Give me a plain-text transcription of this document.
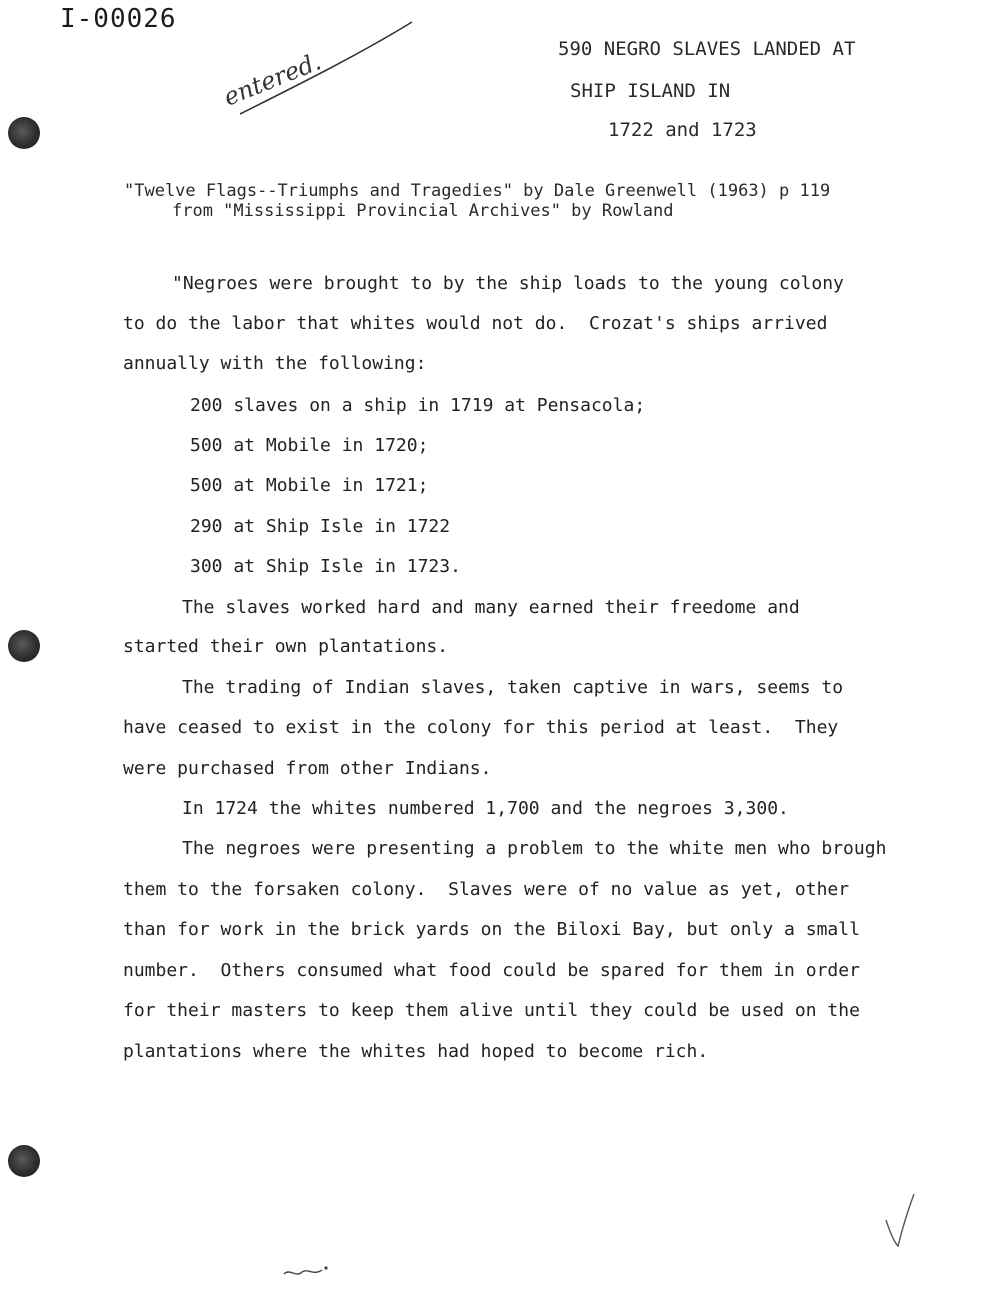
I-00026
entered.	590 NEGRO SLAVES LANDED AT
SHIP ISLAND IN
1722 and 1723
"Twelve Flags--Triumphs and Tragedies" by Dale Greenwell (1963) p 119
from "Mississippi Provincial Archives" by Rowland
"Negroes were brought to by the ship loads to the young colony
to do the labor that whites would not do.  Crozat's ships arrived
annually with the following:
200 slaves on a ship in 1719 at Pensacola;
500 at Mobile in 1720;
500 at Mobile in 1721;
290 at Ship Isle in 1722
300 at Ship Isle in 1723.
The slaves worked hard and many earned their freedome and
started their own plantations.
The trading of Indian slaves, taken captive in wars, seems to
have ceased to exist in the colony for this period at least.  They
were purchased from other Indians.
In 1724 the whites numbered 1,700 and the negroes 3,300.
The negroes were presenting a problem to the white men who brough
them to the forsaken colony.  Slaves were of no value as yet, other
than for work in the brick yards on the Biloxi Bay, but only a small
number.  Others consumed what food could be spared for them in order
for their masters to keep them alive until they could be used on the
plantations where the whites had hoped to become rich.
